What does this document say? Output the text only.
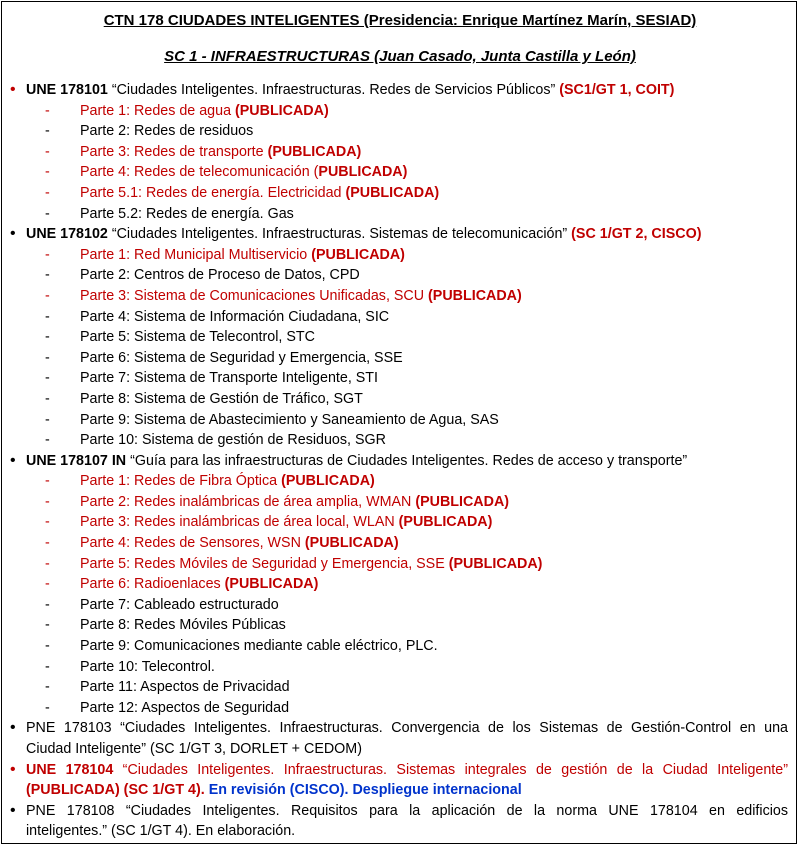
CTN 178 CIUDADES INTELIGENTES (Presidencia: Enrique Martínez Marín, SESIAD)
SC 1 - INFRAESTRUCTURAS (Juan Casado, Junta Castilla y León)
•
UNE 178101 “Ciudades Inteligentes. Infraestructuras. Redes de Servicios Públicos” (SC1/GT 1, COIT)
- Parte 1: Redes de agua (PUBLICADA)
- Parte 2: Redes de residuos
- Parte 3: Redes de transporte (PUBLICADA)
- Parte 4: Redes de telecomunicación (PUBLICADA)
- Parte 5.1: Redes de energía. Electricidad (PUBLICADA)
- Parte 5.2: Redes de energía. Gas
•
UNE 178102 “Ciudades Inteligentes. Infraestructuras. Sistemas de telecomunicación” (SC 1/GT 2, CISCO)
- Parte 1: Red Municipal Multiservicio (PUBLICADA)
- Parte 2: Centros de Proceso de Datos, CPD
- Parte 3: Sistema de Comunicaciones Unificadas, SCU (PUBLICADA)
- Parte 4: Sistema de Información Ciudadana, SIC
- Parte 5: Sistema de Telecontrol, STC
- Parte 6: Sistema de Seguridad y Emergencia, SSE
- Parte 7: Sistema de Transporte Inteligente, STI
- Parte 8: Sistema de Gestión de Tráfico, SGT
- Parte 9: Sistema de Abastecimiento y Saneamiento de Agua, SAS
- Parte 10: Sistema de gestión de Residuos, SGR
•
UNE 178107 IN “Guía para las infraestructuras de Ciudades Inteligentes. Redes de acceso y transporte”
- Parte 1: Redes de Fibra Óptica (PUBLICADA)
- Parte 2: Redes inalámbricas de área amplia, WMAN (PUBLICADA)
- Parte 3: Redes inalámbricas de área local, WLAN (PUBLICADA)
- Parte 4: Redes de Sensores, WSN (PUBLICADA)
- Parte 5: Redes Móviles de Seguridad y Emergencia, SSE (PUBLICADA)
- Parte 6: Radioenlaces (PUBLICADA)
- Parte 7: Cableado estructurado
- Parte 8: Redes Móviles Públicas
- Parte 9: Comunicaciones mediante cable eléctrico, PLC.
- Parte 10: Telecontrol.
- Parte 11: Aspectos de Privacidad
- Parte 12: Aspectos de Seguridad
•
PNE 178103 “Ciudades Inteligentes. Infraestructuras. Convergencia de los Sistemas de Gestión-Control en una
Ciudad Inteligente” (SC 1/GT 3, DORLET + CEDOM)
•
UNE 178104 “Ciudades Inteligentes. Infraestructuras. Sistemas integrales de gestión de la Ciudad Inteligente”
(PUBLICADA) (SC 1/GT 4). En revisión (CISCO). Despliegue internacional
•
PNE 178108 “Ciudades Inteligentes. Requisitos para la aplicación de la norma UNE 178104 en edificios
inteligentes.” (SC 1/GT 4). En elaboración.
